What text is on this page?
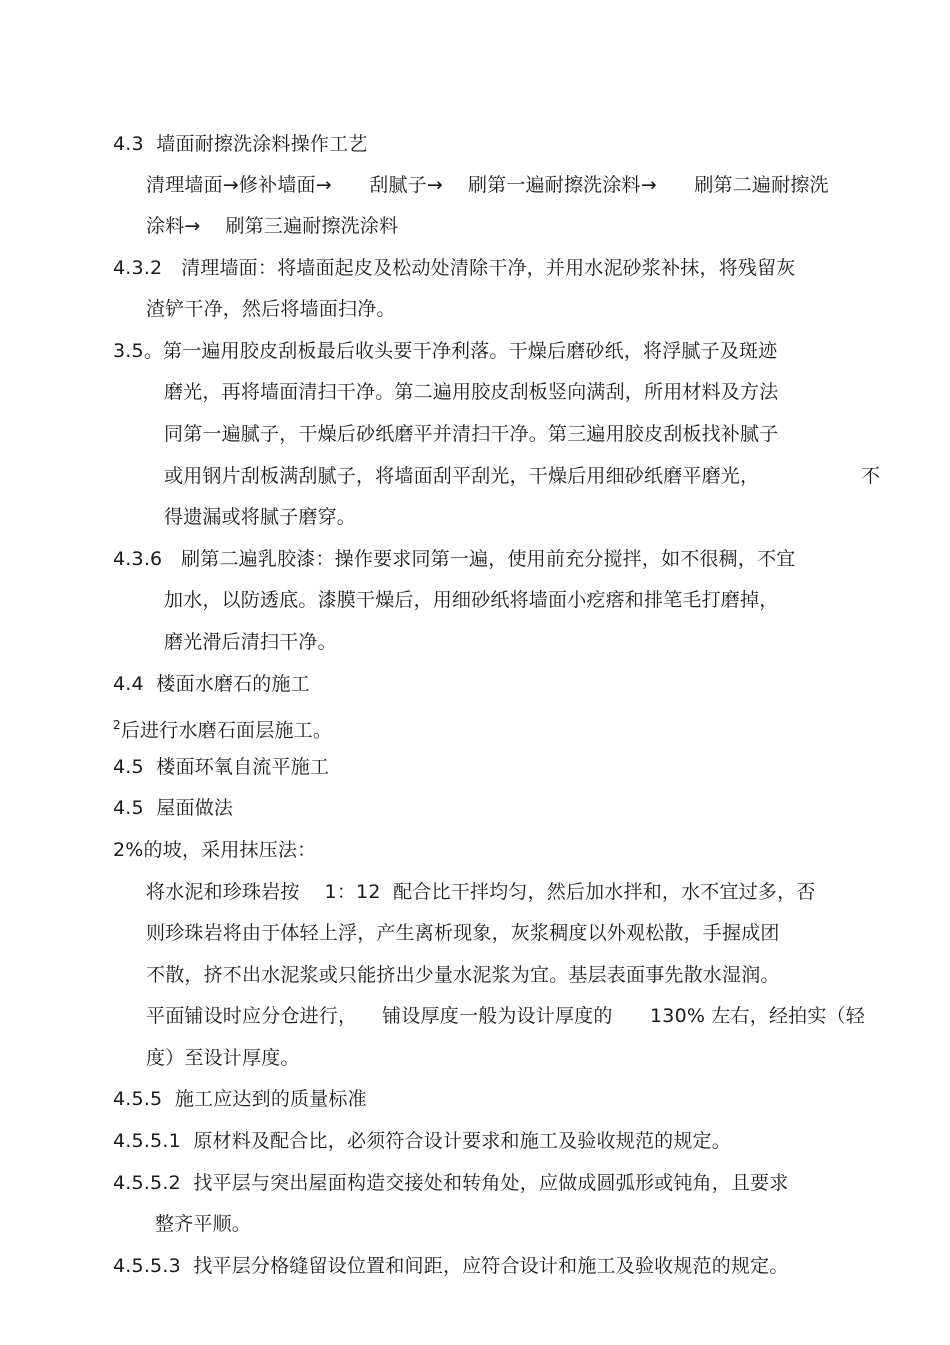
4.3  墙面耐擦洗涂料操作工艺
清理墙面→修补墙面→      刮腻子→    刷第一遍耐擦洗涂料→      刷第二遍耐擦洗
涂料→    刷第三遍耐擦洗涂料
4.3.2   清理墙面：将墙面起皮及松动处清除干净，并用水泥砂浆补抹，将残留灰
渣铲干净，然后将墙面扫净。
3.5。第一遍用胶皮刮板最后收头要干净利落。干燥后磨砂纸，将浮腻子及斑迹
磨光，再将墙面清扫干净。第二遍用胶皮刮板竖向满刮，所用材料及方法
同第一遍腻子，干燥后砂纸磨平并清扫干净。第三遍用胶皮刮板找补腻子
或用钢片刮板满刮腻子，将墙面刮平刮光，干燥后用细砂纸磨平磨光，	不
得遗漏或将腻子磨穿。
4.3.6   刷第二遍乳胶漆：操作要求同第一遍，使用前充分搅拌，如不很稠，不宜
加水，以防透底。漆膜干燥后，用细砂纸将墙面小疙瘩和排笔毛打磨掉，
磨光滑后清扫干净。
4.4  楼面水磨石的施工
$^2$后进行水磨石面层施工。
4.5  楼面环氧自流平施工
4.5  屋面做法
2%的坡，采用抹压法：
将水泥和珍珠岩按    1：12  配合比干拌均匀，然后加水拌和，水不宜过多，否
则珍珠岩将由于体轻上浮，产生离析现象，灰浆稠度以外观松散，手握成团
不散，挤不出水泥浆或只能挤出少量水泥浆为宜。基层表面事先散水湿润。
平面铺设时应分仓进行，    铺设厚度一般为设计厚度的      130% 左右，经拍实（轻
度）至设计厚度。
4.5.5  施工应达到的质量标准
4.5.5.1  原材料及配合比，必须符合设计要求和施工及验收规范的规定。
4.5.5.2  找平层与突出屋面构造交接处和转角处，应做成圆弧形或钝角，且要求
整齐平顺。
4.5.5.3  找平层分格缝留设位置和间距，应符合设计和施工及验收规范的规定。
